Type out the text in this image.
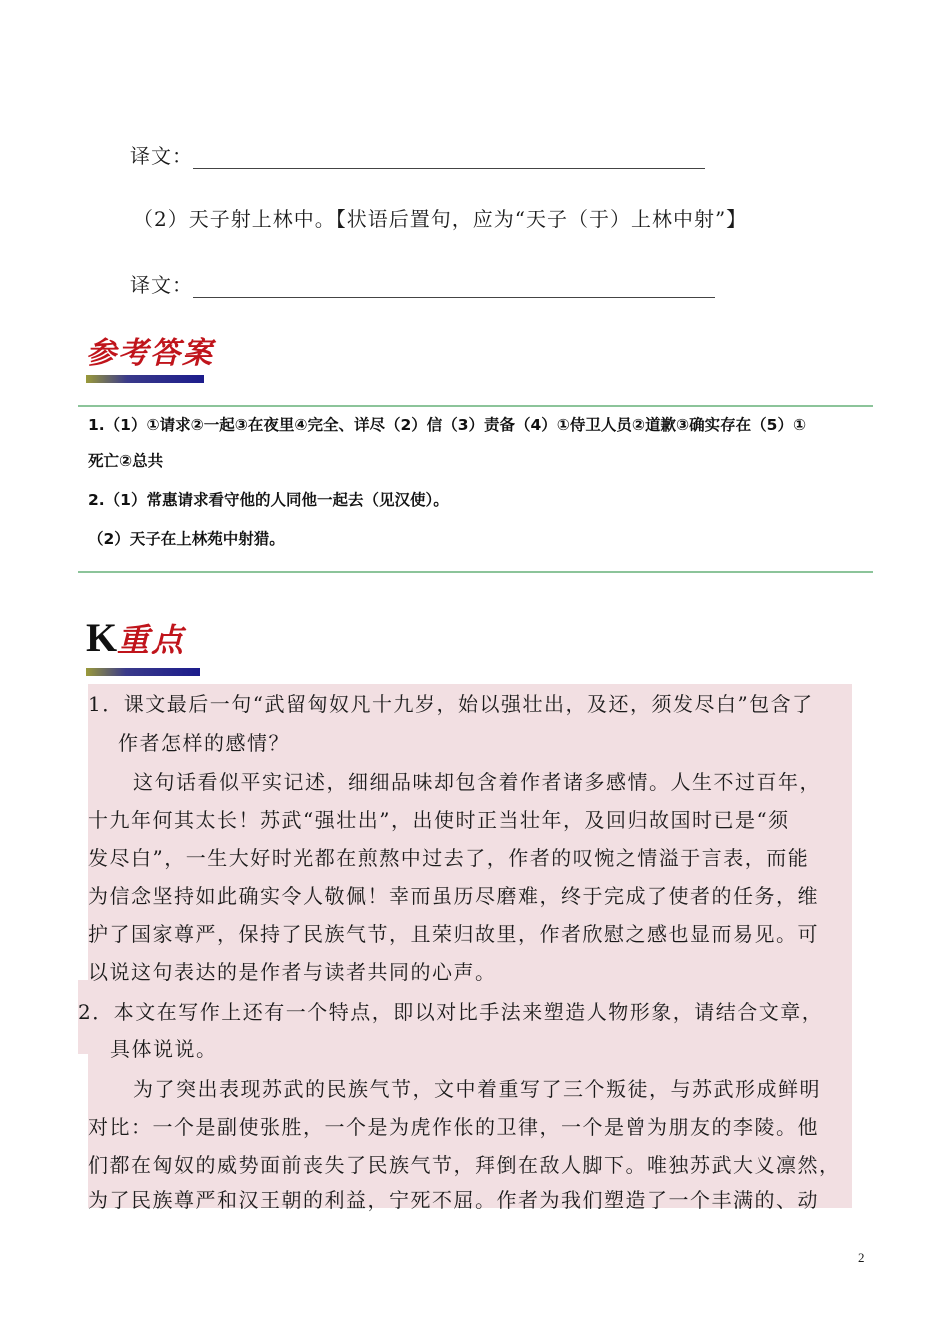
译文：
（2）天子射上林中。【状语后置句，应为“天子（于）上林中射”】
译文：
参考答案
1.（1）①请求②一起③在夜里④完全、详尽（2）信（3）责备（4）①侍卫人员②道歉③确实存在（5）①
死亡②总共
2.（1）常惠请求看守他的人同他一起去（见汉使）。
（2）天子在上林苑中射猎。
K重点
1．课文最后一句“武留匈奴凡十九岁，始以强壮出，及还，须发尽白”包含了
作者怎样的感情？
这句话看似平实记述，细细品味却包含着作者诸多感情。人生不过百年，
十九年何其太长！苏武“强壮出”，出使时正当壮年，及回归故国时已是“须
发尽白”，一生大好时光都在煎熬中过去了，作者的叹惋之情溢于言表，而能
为信念坚持如此确实令人敬佩！幸而虽历尽磨难，终于完成了使者的任务，维
护了国家尊严，保持了民族气节，且荣归故里，作者欣慰之感也显而易见。可
以说这句表达的是作者与读者共同的心声。
2．本文在写作上还有一个特点，即以对比手法来塑造人物形象，请结合文章，
具体说说。
为了突出表现苏武的民族气节，文中着重写了三个叛徒，与苏武形成鲜明
对比：一个是副使张胜，一个是为虎作伥的卫律，一个是曾为朋友的李陵。他
们都在匈奴的威势面前丧失了民族气节，拜倒在敌人脚下。唯独苏武大义凛然，
为了民族尊严和汉王朝的利益，宁死不屈。作者为我们塑造了一个丰满的、动
2
